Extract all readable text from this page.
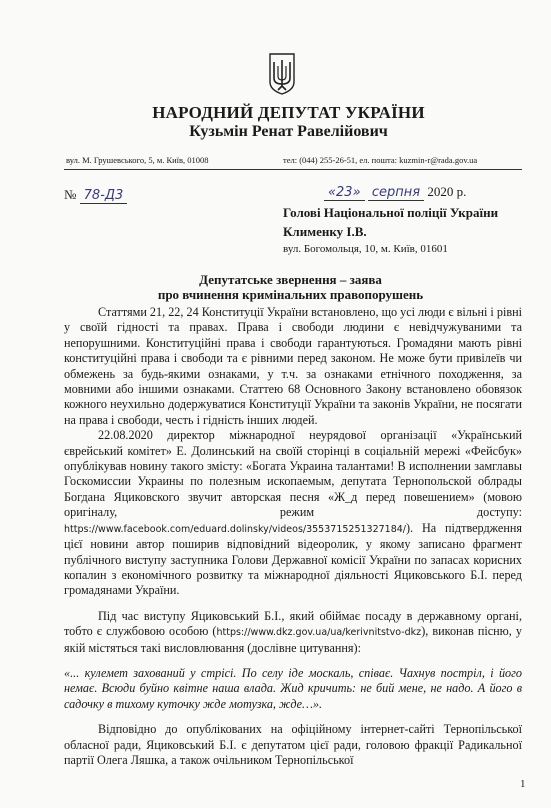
НАРОДНИЙ ДЕПУТАТ УКРАЇНИ
Кузьмін Ренат Равелійович
вул. М. Грушевського, 5, м. Київ, 01008	тел: (044) 255-26-51, ел. пошта: kuzmin-r@rada.gov.ua
№ 78-Д3	«23» серпня 2020 р.
Голові Національної поліції України
Клименку І.В.
вул. Богомольця, 10, м. Київ, 01601
Депутатське звернення – заява
про вчинення кримінальних правопорушень

Статтями 21, 22, 24 Конституції України встановлено, що усі люди є вільні і рівні у своїй гідності та правах. Права і свободи людини є невідчужуваними та непорушними. Конституційні права і свободи гарантуються. Громадяни мають рівні конституційні права і свободи та є рівними перед законом. Не може бути привілеїв чи обмежень за будь-якими ознаками, у т.ч. за ознаками етнічного походження, за мовними або іншими ознаками. Статтею 68 Основного Закону встановлено обовязок кожного неухильно додержуватися Конституції України та законів України, не посягати на права і свободи, честь і гідність інших людей.

22.08.2020 директор міжнародної неурядової організації «Український єврейський комітет» Е. Долинський на своїй сторінці в соціальній мережі «Фейсбук» опублікував новину такого змісту: «Богата Украина талантами! В исполнении замглавы Госкомиссии Украины по полезным ископаемым, депутата Тернопольской облрады Богдана Яциковского звучит авторская песня «Ж_д перед повешением» (мовою оригіналу, режим доступу: https://www.facebook.com/eduard.dolinsky/videos/3553715251327184/). На підтвердження цієї новини автор поширив відповідний відеоролик, у якому записано фрагмент публічного виступу заступника Голови Державної комісії України по запасах корисних копалин з економічного розвитку та міжнародної діяльності Яциковського Б.І. перед громадянами України.

Під час виступу Яциковський Б.І., який обіймає посаду в державному органі, тобто є службовою особою (https://www.dkz.gov.ua/ua/kerivnitstvo-dkz), виконав пісню, у якій містяться такі висловлювання (дослівне цитування):

«... кулемет захований у стрісі. По селу іде москаль, співає. Чахнув постріл, і його немає. Всюди буйно квітне наша влада. Жид кричить: не бий мене, не надо. А його в садочку в тихому куточку жде мотузка, жде…».

Відповідно до опублікованих на офіційному інтернет-сайті Тернопільської обласної ради, Яциковський Б.І. є депутатом цієї ради, головою фракції Радикальної партії Олега Ляшка, а також очільником Тернопільської

1
